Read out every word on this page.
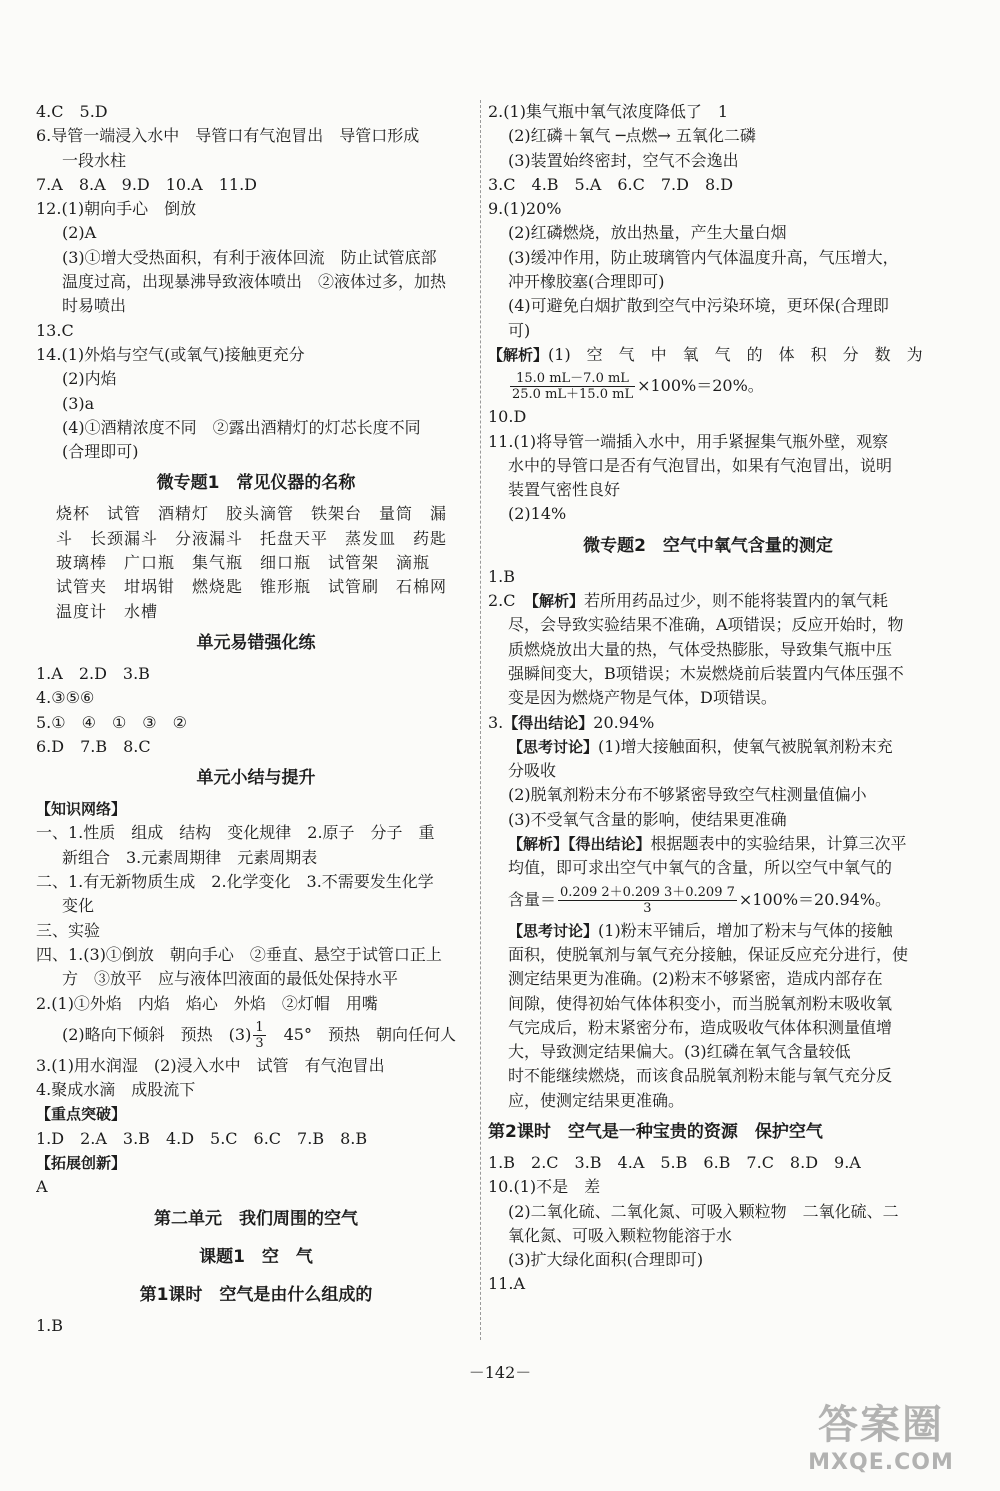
4.C　5.D
6.导管一端浸入水中　导管口有气泡冒出　导管口形成
一段水柱
7.A　8.A　9.D　10.A　11.D
12.(1)朝向手心　倒放
(2)A
(3)①增大受热面积，有利于液体回流　防止试管底部
温度过高，出现暴沸导致液体喷出　②液体过多，加热
时易喷出
13.C
14.(1)外焰与空气(或氧气)接触更充分
(2)内焰
(3)a
(4)①酒精浓度不同　②露出酒精灯的灯芯长度不同
(合理即可)
微专题1　常见仪器的名称
烧杯　试管　酒精灯　胶头滴管　铁架台　量筒　漏
斗　长颈漏斗　分液漏斗　托盘天平　蒸发皿　药匙
玻璃棒　广口瓶　集气瓶　细口瓶　试管架　滴瓶
试管夹　坩埚钳　燃烧匙　锥形瓶　试管刷　石棉网
温度计　水槽
单元易错强化练
1.A　2.D　3.B
4.③⑤⑥
5.①　④　①　③　②
6.D　7.B　8.C
单元小结与提升
【知识网络】
一、1.性质　组成　结构　变化规律　2.原子　分子　重
新组合　3.元素周期律　元素周期表
二、1.有无新物质生成　2.化学变化　3.不需要发生化学
变化
三、实验
四、1.(3)①倒放　朝向手心　②垂直、悬空于试管口正上
方　③放平　应与液体凹液面的最低处保持水平
2.(1)①外焰　内焰　焰心　外焰　②灯帽　用嘴
(2)略向下倾斜　预热　$(3) \frac{1}{3}$ 　45°　预热　朝向任何人
3.(1)用水润湿　(2)浸入水中　试管　有气泡冒出
4.聚成水滴　成股流下
【重点突破】
1.D　2.A　3.B　4.D　5.C　6.C　7.B　8.B
【拓展创新】
A
第二单元　我们周围的空气
课题1　空　气
第1课时　空气是由什么组成的
1.B
2.(1)集气瓶中氧气浓度降低了　1
(2)红磷＋氧气 ─点燃→ 五氧化二磷
(3)装置始终密封，空气不会逸出
3.C　4.B　5.A　6.C　7.D　8.D
9.(1)20%
(2)红磷燃烧，放出热量，产生大量白烟
(3)缓冲作用，防止玻璃管内气体温度升高，气压增大，
冲开橡胶塞(合理即可)
(4)可避免白烟扩散到空气中污染环境，更环保(合理即
可)
【解析】(1)　空　气　中　氧　气　的　体　积　分　数　为
$\frac{15.0 mL-7.0 mL}{25.0 mL+15.0 mL} \times 100\%=20\%$。
10.D
11.(1)将导管一端插入水中，用手紧握集气瓶外壁，观察
水中的导管口是否有气泡冒出，如果有气泡冒出，说明
装置气密性良好
(2)14%
微专题2　空气中氧气含量的测定
1.B
2.C　【解析】若所用药品过少，则不能将装置内的氧气耗
尽，会导致实验结果不准确，A项错误；反应开始时，物
质燃烧放出大量的热，气体受热膨胀，导致集气瓶中压
强瞬间变大，B项错误；木炭燃烧前后装置内气体压强不
变是因为燃烧产物是气体，D项错误。
3.【得出结论】20.94%
【思考讨论】(1)增大接触面积，使氧气被脱氧剂粉末充
分吸收
(2)脱氧剂粉末分布不够紧密导致空气柱测量值偏小
(3)不受氧气含量的影响，使结果更准确
【解析】【得出结论】根据题表中的实验结果，计算三次平
均值，即可求出空气中氧气的含量，所以空气中氧气的
含量＝ $\frac{0.209 2+0.209 3+0.209 7}{3} \times 100\%=20.94\%$。
【思考讨论】(1)粉末平铺后，增加了粉末与气体的接触
面积，使脱氧剂与氧气充分接触，保证反应充分进行，使
测定结果更为准确。(2)粉末不够紧密，造成内部存在
间隙，使得初始气体体积变小，而当脱氧剂粉末吸收氧
气完成后，粉末紧密分布，造成吸收气体体积测量值增
大，导致测定结果偏大。(3)红磷在氧气含量较低
时不能继续燃烧，而该食品脱氧剂粉末能与氧气充分反
应，使测定结果更准确。
第2课时　空气是一种宝贵的资源　保护空气
1.B　2.C　3.B　4.A　5.B　6.B　7.C　8.D　9.A
10.(1)不是　差
(2)二氧化硫、二氧化氮、可吸入颗粒物　二氧化硫、二
氧化氮、可吸入颗粒物能溶于水
(3)扩大绿化面积(合理即可)
11.A
－142－
答案圈
MXQE.COM
